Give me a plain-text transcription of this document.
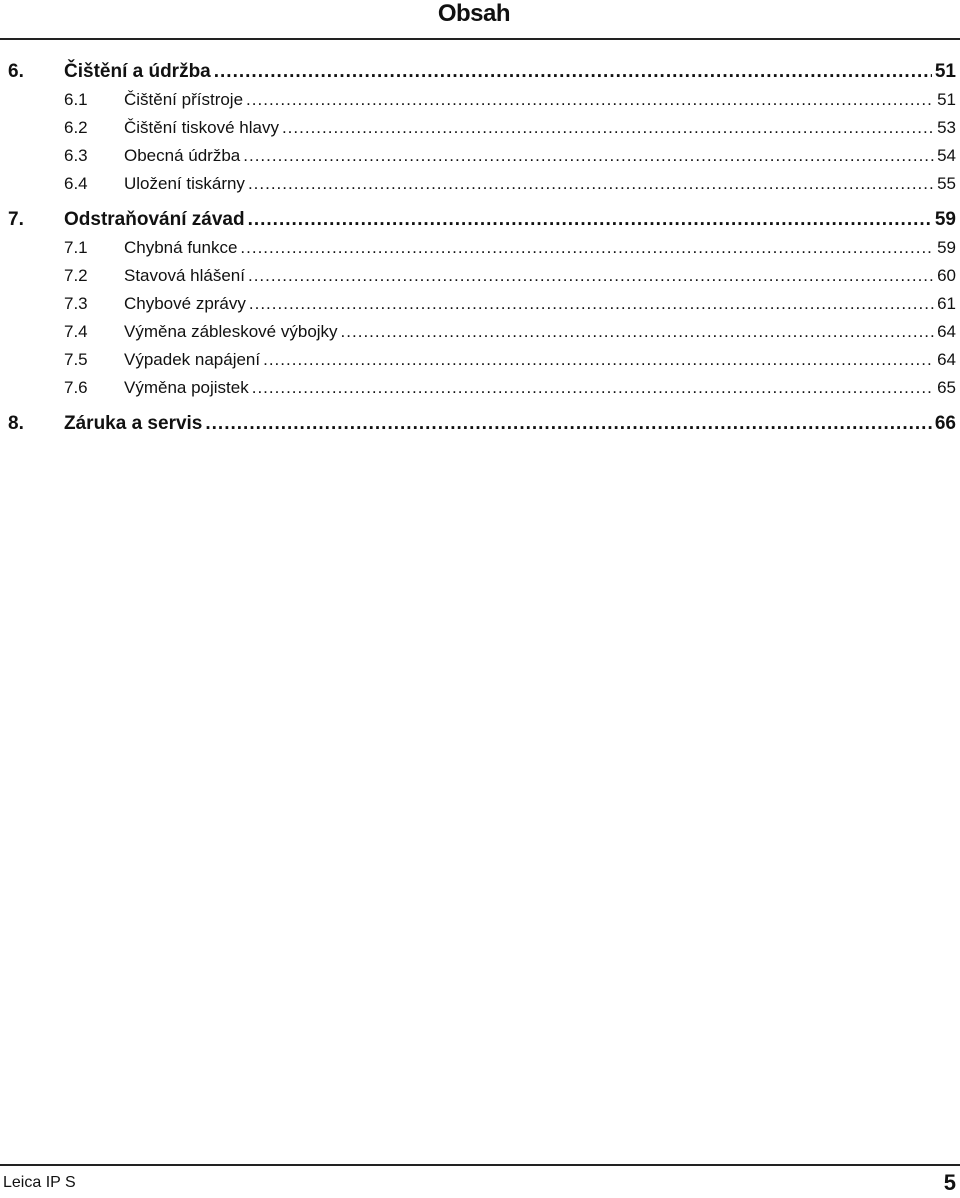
Obsah
6.	Čištění a údržba .....	51
6.1	Čištění přístroje .....	51
6.2	Čištění tiskové hlavy .....	53
6.3	Obecná údržba .....	54
6.4	Uložení tiskárny .....	55
7.	Odstraňování závad .....	59
7.1	Chybná funkce .....	59
7.2	Stavová hlášení .....	60
7.3	Chybové zprávy .....	61
7.4	Výměna zábleskové výbojky .....	64
7.5	Výpadek napájení .....	64
7.6	Výměna pojistek .....	65
8.	Záruka a servis .....	66
Leica IP S	5
